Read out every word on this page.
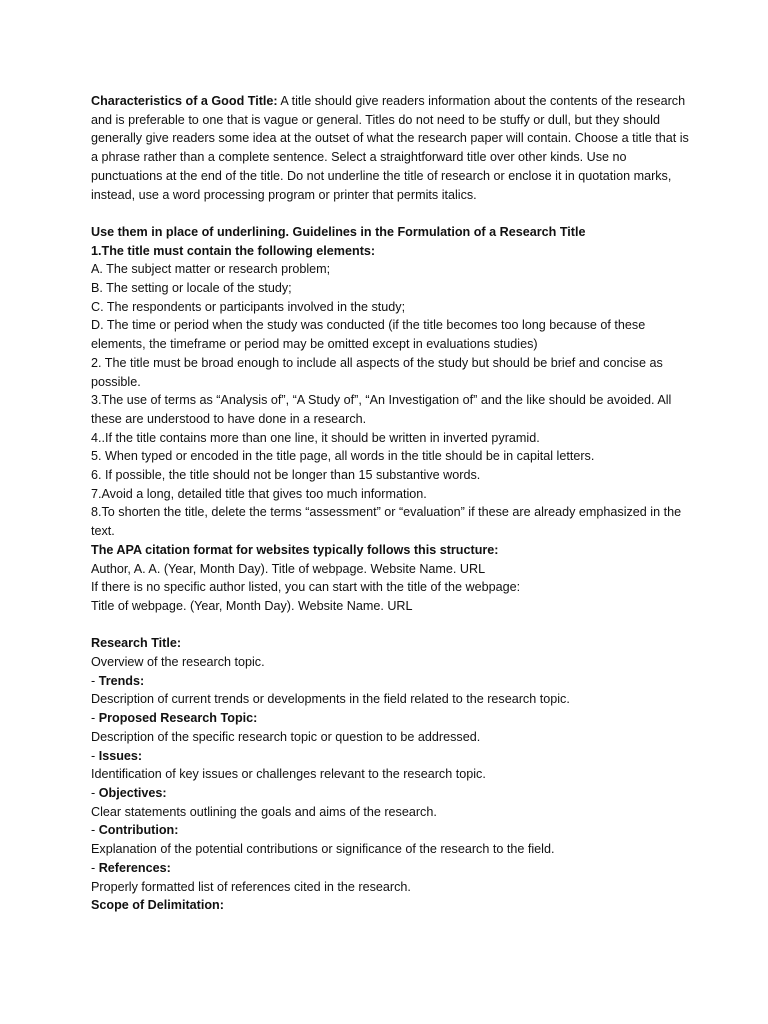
Characteristics of a Good Title: A title should give readers information about the contents of the research and is preferable to one that is vague or general. Titles do not need to be stuffy or dull, but they should generally give readers some idea at the outset of what the research paper will contain. Choose a title that is a phrase rather than a complete sentence. Select a straightforward title over other kinds. Use no punctuations at the end of the title. Do not underline the title of research or enclose it in quotation marks, instead, use a word processing program or printer that permits italics.

Use them in place of underlining. Guidelines in the Formulation of a Research Title

1.The title must contain the following elements:

A. The subject matter or research problem;

B. The setting or locale of the study;

C. The respondents or participants involved in the study;

D. The time or period when the study was conducted (if the title becomes too long because of these elements, the timeframe or period may be omitted except in evaluations studies)

2. The title must be broad enough to include all aspects of the study but should be brief and concise as possible.

3.The use of terms as “Analysis of”, “A Study of”, “An Investigation of” and the like should be avoided. All these are understood to have done in a research.

4..If the title contains more than one line, it should be written in inverted pyramid.

5. When typed or encoded in the title page, all words in the title should be in capital letters.

6. If possible, the title should not be longer than 15 substantive words.

7.Avoid a long, detailed title that gives too much information.

8.To shorten the title, delete the terms “assessment” or “evaluation” if these are already emphasized in the text.

The APA citation format for websites typically follows this structure:

Author, A. A. (Year, Month Day). Title of webpage. Website Name. URL

If there is no specific author listed, you can start with the title of the webpage:

Title of webpage. (Year, Month Day). Website Name. URL

Research Title:

Overview of the research topic.

- Trends:

Description of current trends or developments in the field related to the research topic.

- Proposed Research Topic:

Description of the specific research topic or question to be addressed.

- Issues:

Identification of key issues or challenges relevant to the research topic.

- Objectives:

Clear statements outlining the goals and aims of the research.

- Contribution:

Explanation of the potential contributions or significance of the research to the field.

- References:

Properly formatted list of references cited in the research.

Scope of Delimitation:
